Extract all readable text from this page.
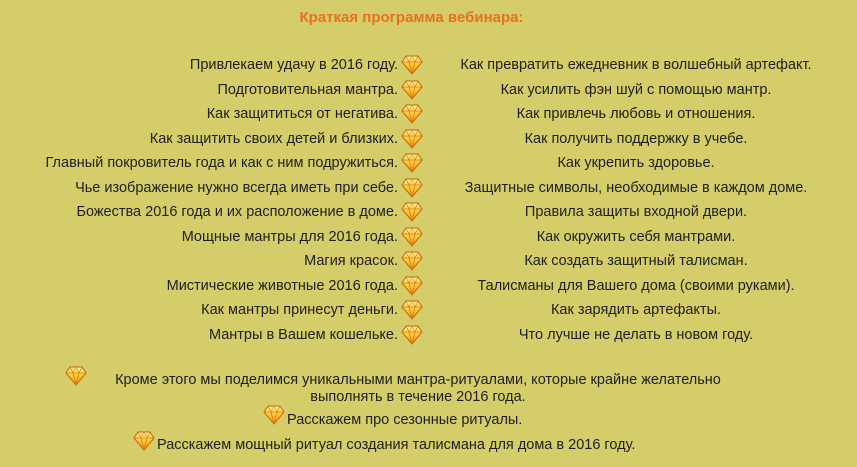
Краткая программа вебинара:
Привлекаем удачу в 2016 году.	Как превратить ежедневник в волшебный артефакт.
Подготовительная мантра.	Как усилить фэн шуй с помощью мантр.
Как защититься от негатива.	Как привлечь любовь и отношения.
Как защитить своих детей и близких.	Как получить поддержку в учебе.
Главный покровитель года и как с ним подружиться.	Как укрепить здоровье.
Чье изображение нужно всегда иметь при себе.	Защитные символы, необходимые в каждом доме.
Божества 2016 года и их расположение в доме.	Правила защиты входной двери.
Мощные мантры для 2016 года.	Как окружить себя мантрами.
Магия красок.	Как создать защитный талисман.
Мистические животные 2016 года.	Талисманы для Вашего дома (своими руками).
Как мантры принесут деньги.	Как зарядить артефакты.
Мантры в Вашем кошельке.	Что лучше не делать в новом году.
Кроме этого мы поделимся уникальными мантра-ритуалами, которые крайне желательно выполнять в течение 2016 года.
Расскажем про сезонные ритуалы.
Расскажем мощный ритуал создания талисмана для дома в 2016 году.
